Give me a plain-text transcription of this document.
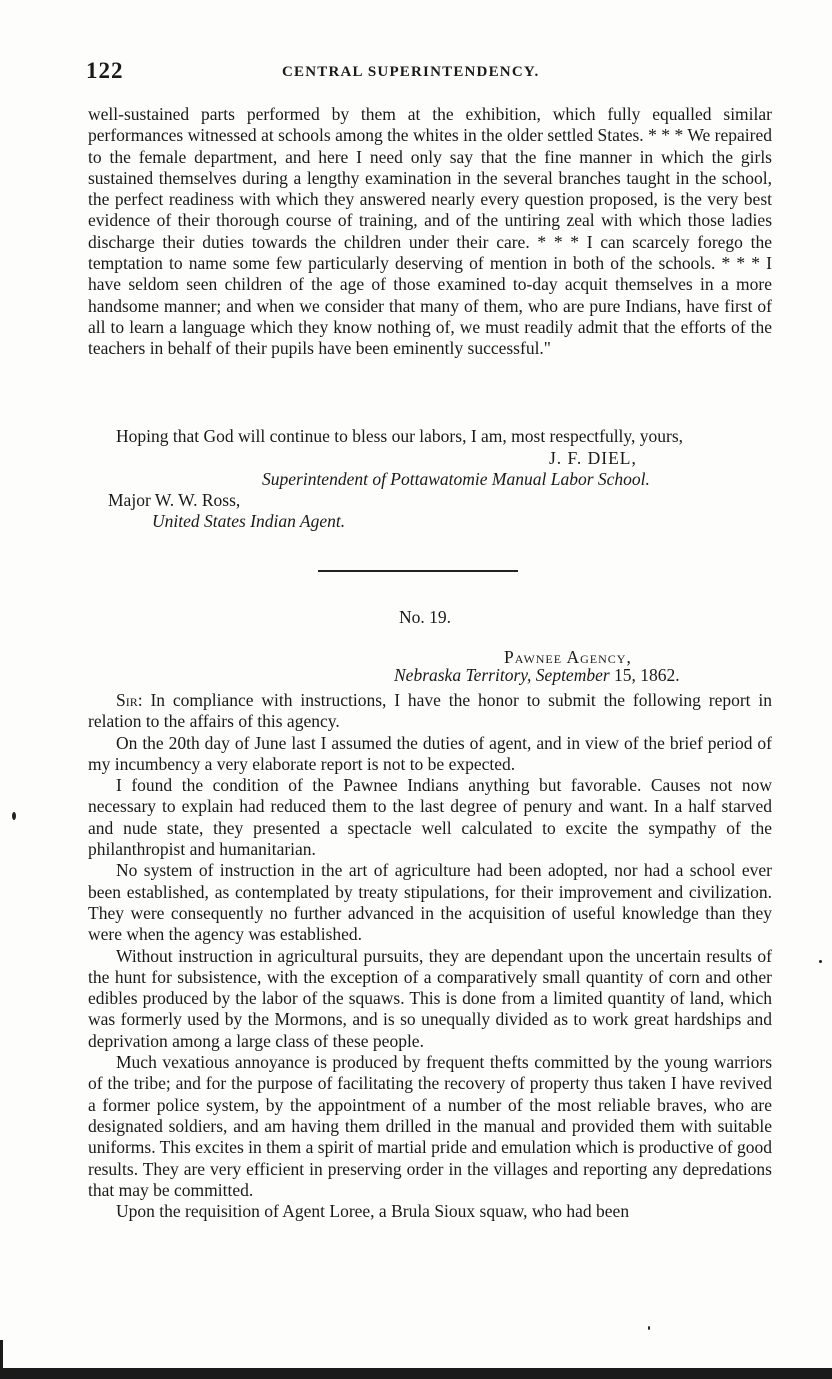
122	CENTRAL SUPERINTENDENCY.

well-sustained parts performed by them at the exhibition, which fully equalled similar performances witnessed at schools among the whites in the older settled States. * * * We repaired to the female department, and here I need only say that the fine manner in which the girls sustained themselves during a lengthy examination in the several branches taught in the school, the perfect readiness with which they answered nearly every question proposed, is the very best evidence of their thorough course of training, and of the untiring zeal with which those ladies discharge their duties towards the children under their care. * * * I can scarcely forego the temptation to name some few particularly deserving of mention in both of the schools. * * * I have seldom seen children of the age of those examined to-day acquit themselves in a more handsome manner; and when we consider that many of them, who are pure Indians, have first of all to learn a language which they know nothing of, we must readily admit that the efforts of the teachers in behalf of their pupils have been eminently successful."

Hoping that God will continue to bless our labors, I am, most respectfully, yours,

J. F. DIEL,
Superintendent of Pottawatomie Manual Labor School.
Major W. W. Ross,
United States Indian Agent.
No. 19.
Pawnee Agency,
Nebraska Territory, September 15, 1862.

Sir: In compliance with instructions, I have the honor to submit the following report in relation to the affairs of this agency.

On the 20th day of June last I assumed the duties of agent, and in view of the brief period of my incumbency a very elaborate report is not to be expected.

I found the condition of the Pawnee Indians anything but favorable. Causes not now necessary to explain had reduced them to the last degree of penury and want. In a half starved and nude state, they presented a spectacle well calculated to excite the sympathy of the philanthropist and humanitarian.

No system of instruction in the art of agriculture had been adopted, nor had a school ever been established, as contemplated by treaty stipulations, for their improvement and civilization. They were consequently no further advanced in the acquisition of useful knowledge than they were when the agency was established.

Without instruction in agricultural pursuits, they are dependant upon the uncertain results of the hunt for subsistence, with the exception of a comparatively small quantity of corn and other edibles produced by the labor of the squaws. This is done from a limited quantity of land, which was formerly used by the Mormons, and is so unequally divided as to work great hardships and deprivation among a large class of these people.

Much vexatious annoyance is produced by frequent thefts committed by the young warriors of the tribe; and for the purpose of facilitating the recovery of property thus taken I have revived a former police system, by the appointment of a number of the most reliable braves, who are designated soldiers, and am having them drilled in the manual and provided them with suitable uniforms. This excites in them a spirit of martial pride and emulation which is productive of good results. They are very efficient in preserving order in the villages and reporting any depredations that may be committed.

Upon the requisition of Agent Loree, a Brula Sioux squaw, who had been
